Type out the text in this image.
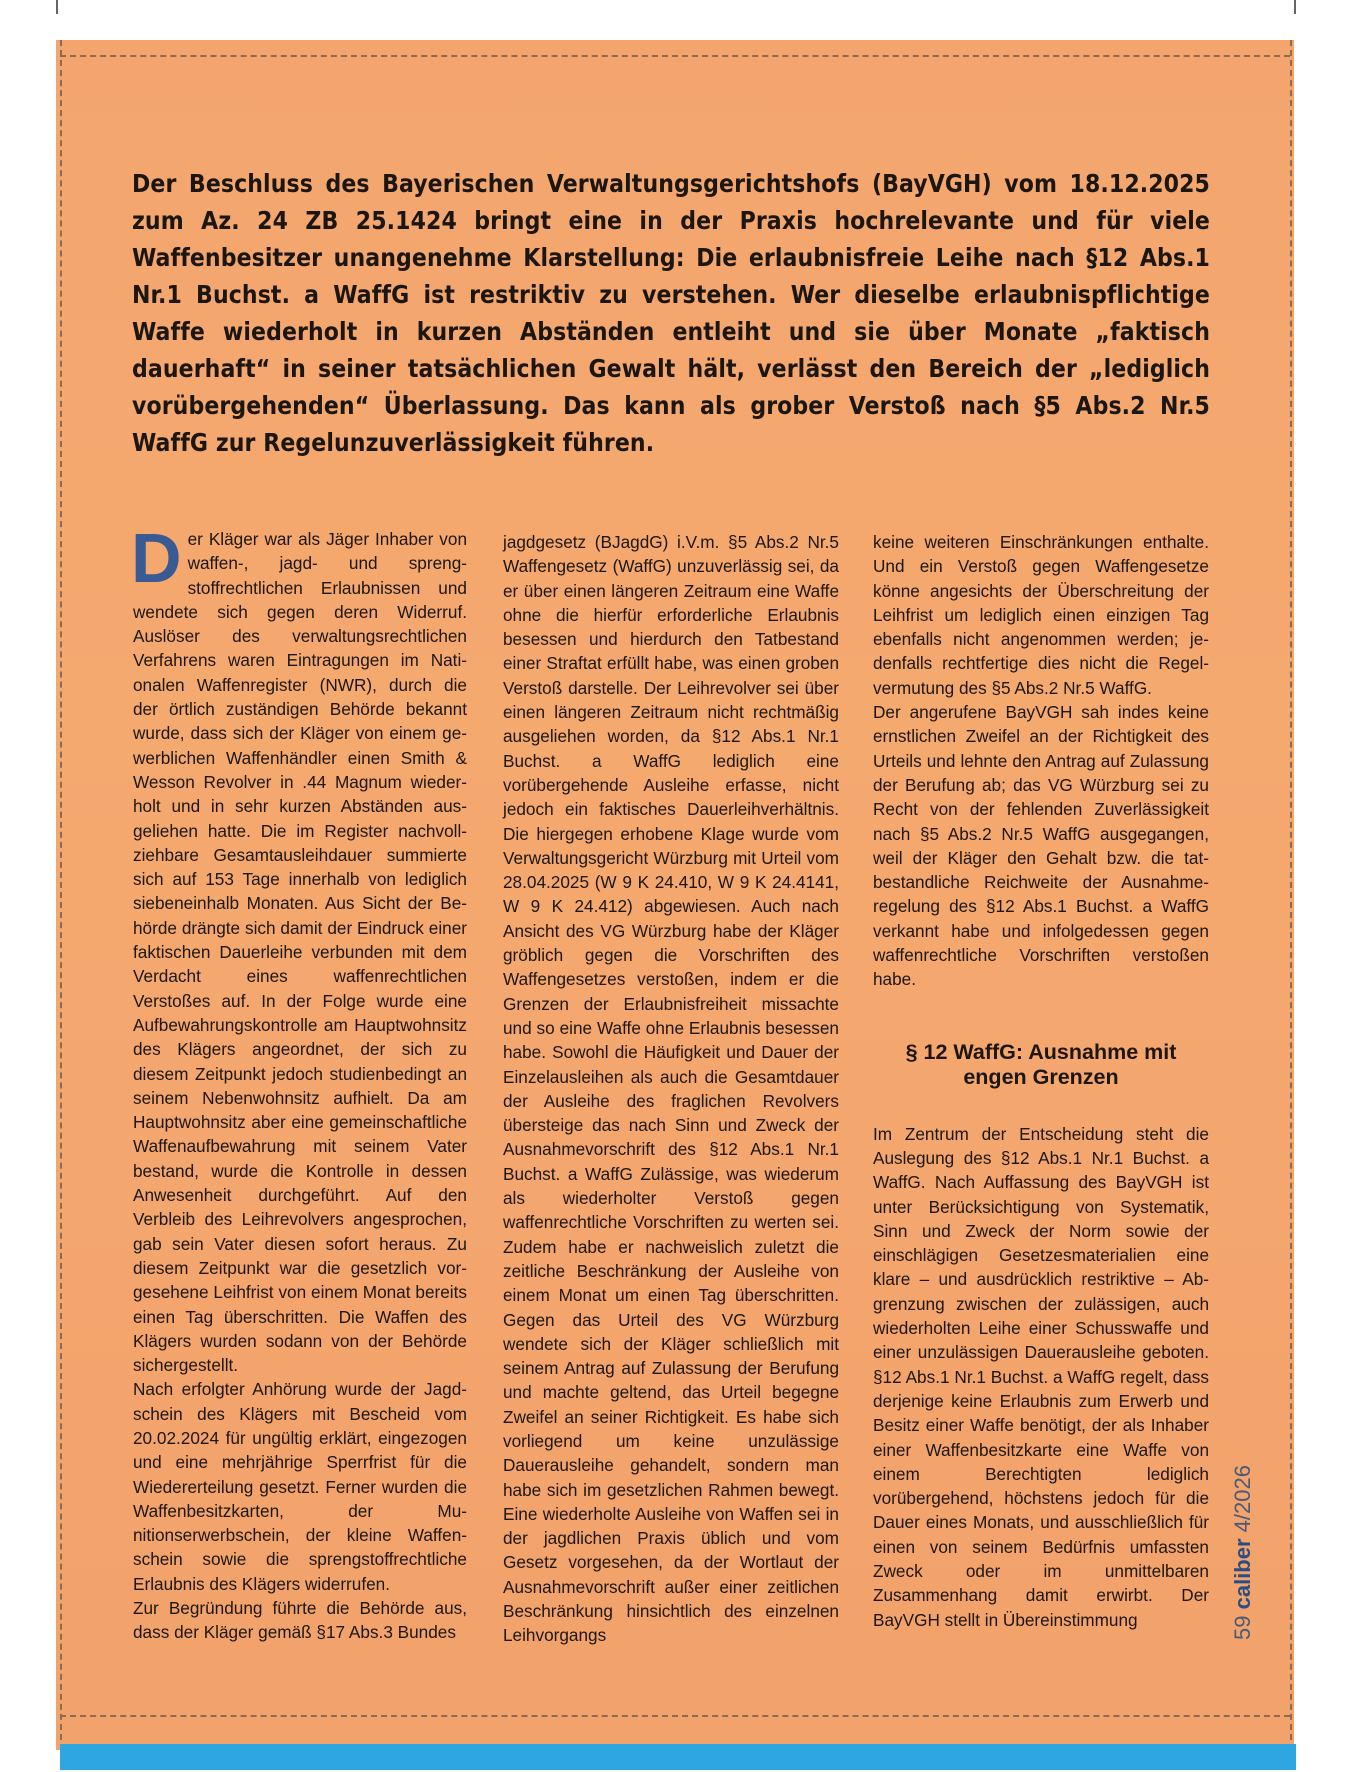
Der Beschluss des Bayerischen Verwaltungsgerichtshofs (BayVGH) vom 18.12.2025 zum Az. 24 ZB 25.1424 bringt eine in der Praxis hochrelevante und für viele Waffenbesitzer unangenehme Klarstellung: Die erlaubnisfreie Leihe nach §12 Abs.1 Nr.1 Buchst. a WaffG ist restriktiv zu verstehen. Wer dieselbe erlaubnispflichtige Waffe wiederholt in kurzen Abständen entleiht und sie über Monate „faktisch dauerhaft“ in seiner tatsächlichen Gewalt hält, verlässt den Bereich der „lediglich vorübergehenden“ Überlassung. Das kann als grober Verstoß nach §5 Abs.2 Nr.5 WaffG zur Regelunzuverlässigkeit führen.

Der Kläger war als Jäger Inhaber von waffen-, jagd- und sprengstoffrechtlichen Erlaubnissen und wendete sich gegen deren Widerruf. Auslöser des verwaltungsrechtlichen Verfahrens waren Eintragungen im Nationalen Waffenregister (NWR), durch die der örtlich zuständigen Behörde bekannt wurde, dass sich der Kläger von einem gewerblichen Waffenhändler einen Smith & Wesson Revolver in .44 Magnum wiederholt und in sehr kurzen Abständen ausgeliehen hatte. Die im Register nachvollziehbare Gesamtausleihdauer summierte sich auf 153 Tage innerhalb von lediglich siebeneinhalb Monaten. Aus Sicht der Behörde drängte sich damit der Eindruck einer faktischen Dauerleihe verbunden mit dem Verdacht eines waffenrechtlichen Verstoßes auf. In der Folge wurde eine Aufbewahrungskontrolle am Hauptwohnsitz des Klägers angeordnet, der sich zu diesem Zeitpunkt jedoch studienbedingt an seinem Nebenwohnsitz aufhielt. Da am Hauptwohnsitz aber eine gemeinschaftliche Waffenaufbewahrung mit seinem Vater bestand, wurde die Kontrolle in dessen Anwesenheit durchgeführt. Auf den Verbleib des Leihrevolvers angesprochen, gab sein Vater diesen sofort heraus. Zu diesem Zeitpunkt war die gesetzlich vorgesehene Leihfrist von einem Monat bereits einen Tag überschritten. Die Waffen des Klägers wurden sodann von der Behörde sichergestellt.

Nach erfolgter Anhörung wurde der Jagdschein des Klägers mit Bescheid vom 20.02.2024 für ungültig erklärt, eingezogen und eine mehrjährige Sperrfrist für die Wiedererteilung gesetzt. Ferner wurden die Waffenbesitzkarten, der Munitionserwerbschein, der kleine Waffenschein sowie die sprengstoffrechtliche Erlaubnis des Klägers widerrufen.

Zur Begründung führte die Behörde aus, dass der Kläger gemäß §17 Abs.3 Bundes

jagdgesetz (BJagdG) i.V.m. §5 Abs.2 Nr.5 Waffengesetz (WaffG) unzuverlässig sei, da er über einen längeren Zeitraum eine Waffe ohne die hierfür erforderliche Erlaubnis besessen und hierdurch den Tatbestand einer Straftat erfüllt habe, was einen groben Verstoß darstelle. Der Leihrevolver sei über einen längeren Zeitraum nicht rechtmäßig ausgeliehen worden, da §12 Abs.1 Nr.1 Buchst. a WaffG lediglich eine vorübergehende Ausleihe erfasse, nicht jedoch ein faktisches Dauerleihverhältnis. Die hiergegen erhobene Klage wurde vom Verwaltungsgericht Würzburg mit Urteil vom 28.04.2025 (W 9 K 24.410, W 9 K 24.4141, W 9 K 24.412) abgewiesen. Auch nach Ansicht des VG Würzburg habe der Kläger gröblich gegen die Vorschriften des Waffengesetzes verstoßen, indem er die Grenzen der Erlaubnisfreiheit missachte und so eine Waffe ohne Erlaubnis besessen habe. Sowohl die Häufigkeit und Dauer der Einzelausleihen als auch die Gesamtdauer der Ausleihe des fraglichen Revolvers übersteige das nach Sinn und Zweck der Ausnahmevorschrift des §12 Abs.1 Nr.1 Buchst. a WaffG Zulässige, was wiederum als wiederholter Verstoß gegen waffenrechtliche Vorschriften zu werten sei. Zudem habe er nachweislich zuletzt die zeitliche Beschränkung der Ausleihe von einem Monat um einen Tag überschritten. Gegen das Urteil des VG Würzburg wendete sich der Kläger schließlich mit seinem Antrag auf Zulassung der Berufung und machte geltend, das Urteil begegne Zweifel an seiner Richtigkeit. Es habe sich vorliegend um keine unzulässige Dauerausleihe gehandelt, sondern man habe sich im gesetzlichen Rahmen bewegt. Eine wiederholte Ausleihe von Waffen sei in der jagdlichen Praxis üblich und vom Gesetz vorgesehen, da der Wortlaut der Ausnahmevorschrift außer einer zeitlichen Beschränkung hinsichtlich des einzelnen Leihvorgangs

keine weiteren Einschränkungen enthalte. Und ein Verstoß gegen Waffengesetze könne angesichts der Überschreitung der Leihfrist um lediglich einen einzigen Tag ebenfalls nicht angenommen werden; jedenfalls rechtfertige dies nicht die Regelvermutung des §5 Abs.2 Nr.5 WaffG.

Der angerufene BayVGH sah indes keine ernstlichen Zweifel an der Richtigkeit des Urteils und lehnte den Antrag auf Zulassung der Berufung ab; das VG Würzburg sei zu Recht von der fehlenden Zuverlässigkeit nach §5 Abs.2 Nr.5 WaffG ausgegangen, weil der Kläger den Gehalt bzw. die tatbestandliche Reichweite der Ausnahmeregelung des §12 Abs.1 Buchst. a WaffG verkannt habe und infolgedessen gegen waffenrechtliche Vorschriften verstoßen habe.

§ 12 WaffG: Ausnahme mit
engen Grenzen

Im Zentrum der Entscheidung steht die Auslegung des §12 Abs.1 Nr.1 Buchst. a WaffG. Nach Auffassung des BayVGH ist unter Berücksichtigung von Systematik, Sinn und Zweck der Norm sowie der einschlägigen Gesetzesmaterialien eine klare – und ausdrücklich restriktive – Abgrenzung zwischen der zulässigen, auch wiederholten Leihe einer Schusswaffe und einer unzulässigen Dauerausleihe geboten. §12 Abs.1 Nr.1 Buchst. a WaffG regelt, dass derjenige keine Erlaubnis zum Erwerb und Besitz einer Waffe benötigt, der als Inhaber einer Waffenbesitzkarte eine Waffe von einem Berechtigten lediglich vorübergehend, höchstens jedoch für die Dauer eines Monats, und ausschließlich für einen von seinem Bedürfnis umfassten Zweck oder im unmittelbaren Zusammenhang damit erwirbt. Der BayVGH stellt in Übereinstimmung	59 caliber 4/2026
